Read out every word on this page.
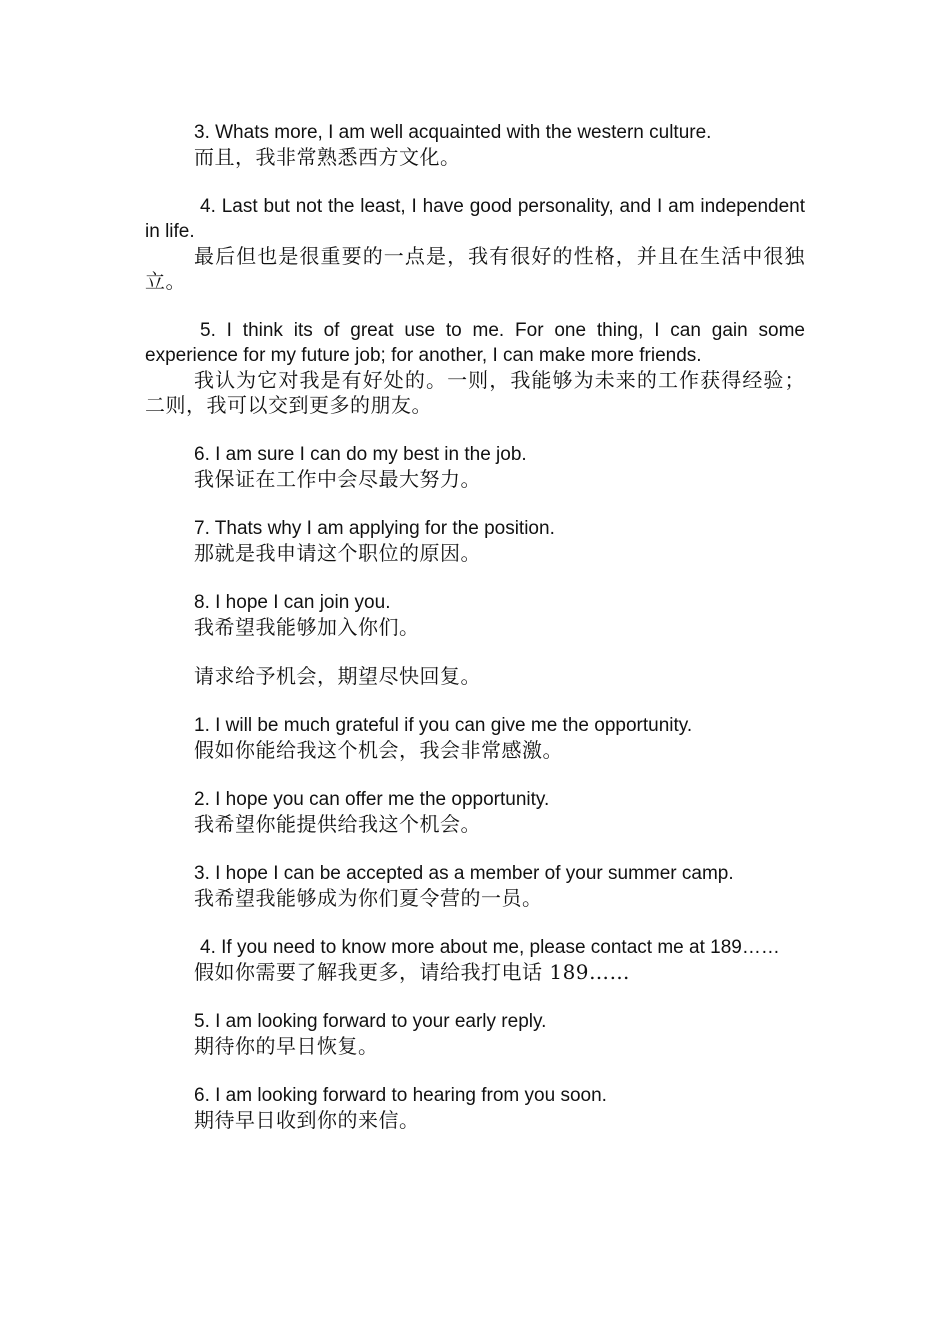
3. Whats more, I am well acquainted with the western culture.

而且，我非常熟悉西方文化。

4. Last but not the least, I have good personality, and I am independent in life.

最后但也是很重要的一点是，我有很好的性格，并且在生活中很独立。

5. I think its of great use to me. For one thing, I can gain some experience for my future job; for another, I can make more friends.

我认为它对我是有好处的。一则，我能够为未来的工作获得经验；二则，我可以交到更多的朋友。

6. I am sure I can do my best in the job.

我保证在工作中会尽最大努力。

7. Thats why I am applying for the position.

那就是我申请这个职位的原因。

8. I hope I can join you.

我希望我能够加入你们。

请求给予机会，期望尽快回复。

1. I will be much grateful if you can give me the opportunity.

假如你能给我这个机会，我会非常感激。

2. I hope you can offer me the opportunity.

我希望你能提供给我这个机会。

3. I hope I can be accepted as a member of your summer camp.

我希望我能够成为你们夏令营的一员。

4. If you need to know more about me, please contact me at 189……

假如你需要了解我更多，请给我打电话 189……

5. I am looking forward to your early reply.

期待你的早日恢复。

6. I am looking forward to hearing from you soon.

期待早日收到你的来信。
